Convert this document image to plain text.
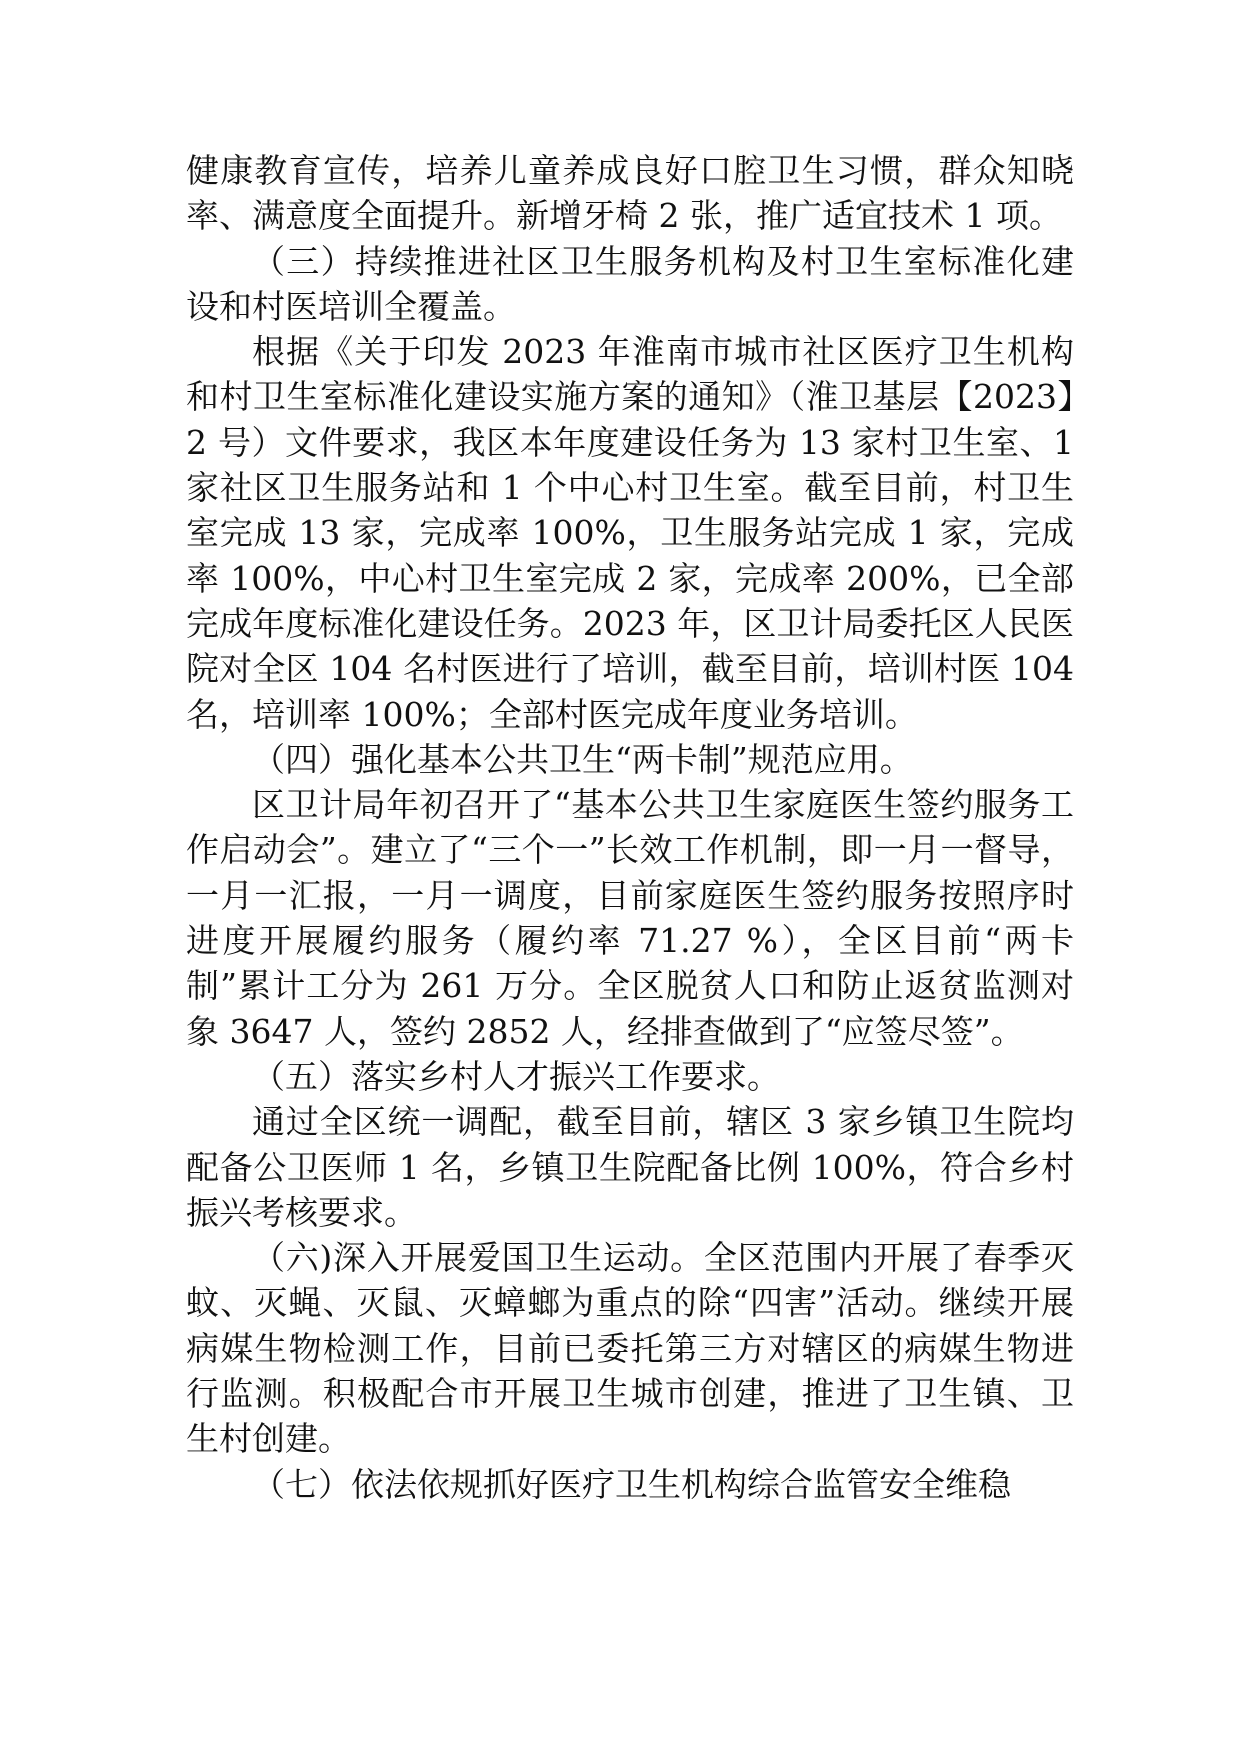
健康教育宣传，培养儿童养成良好口腔卫生习惯，群众知晓率、满意度全面提升。新增牙椅 2 张，推广适宜技术 1 项。

（三）持续推进社区卫生服务机构及村卫生室标准化建设和村医培训全覆盖。

根据《关于印发 2023 年淮南市城市社区医疗卫生机构和村卫生室标准化建设实施方案的通知》（淮卫基层【2023】2 号）文件要求，我区本年度建设任务为 13 家村卫生室、1 家社区卫生服务站和 1 个中心村卫生室。截至目前，村卫生室完成 13 家，完成率 100%，卫生服务站完成 1 家，完成率 100%，中心村卫生室完成 2 家，完成率 200%，已全部完成年度标准化建设任务。2023 年，区卫计局委托区人民医院对全区 104 名村医进行了培训，截至目前，培训村医 104 名，培训率 100%；全部村医完成年度业务培训。

（四）强化基本公共卫生“两卡制”规范应用。

区卫计局年初召开了“基本公共卫生家庭医生签约服务工作启动会”。建立了“三个一”长效工作机制，即一月一督导，一月一汇报，一月一调度，目前家庭医生签约服务按照序时进度开展履约服务（履约率 71.27 %），全区目前“两卡制”累计工分为 261 万分。全区脱贫人口和防止返贫监测对象 3647 人，签约 2852 人，经排查做到了“应签尽签”。

（五）落实乡村人才振兴工作要求。

通过全区统一调配，截至目前，辖区 3 家乡镇卫生院均配备公卫医师 1 名，乡镇卫生院配备比例 100%，符合乡村振兴考核要求。

（六)深入开展爱国卫生运动。全区范围内开展了春季灭蚊、灭蝇、灭鼠、灭蟑螂为重点的除“四害”活动。继续开展病媒生物检测工作，目前已委托第三方对辖区的病媒生物进行监测。积极配合市开展卫生城市创建，推进了卫生镇、卫生村创建。

（七）依法依规抓好医疗卫生机构综合监管安全维稳
